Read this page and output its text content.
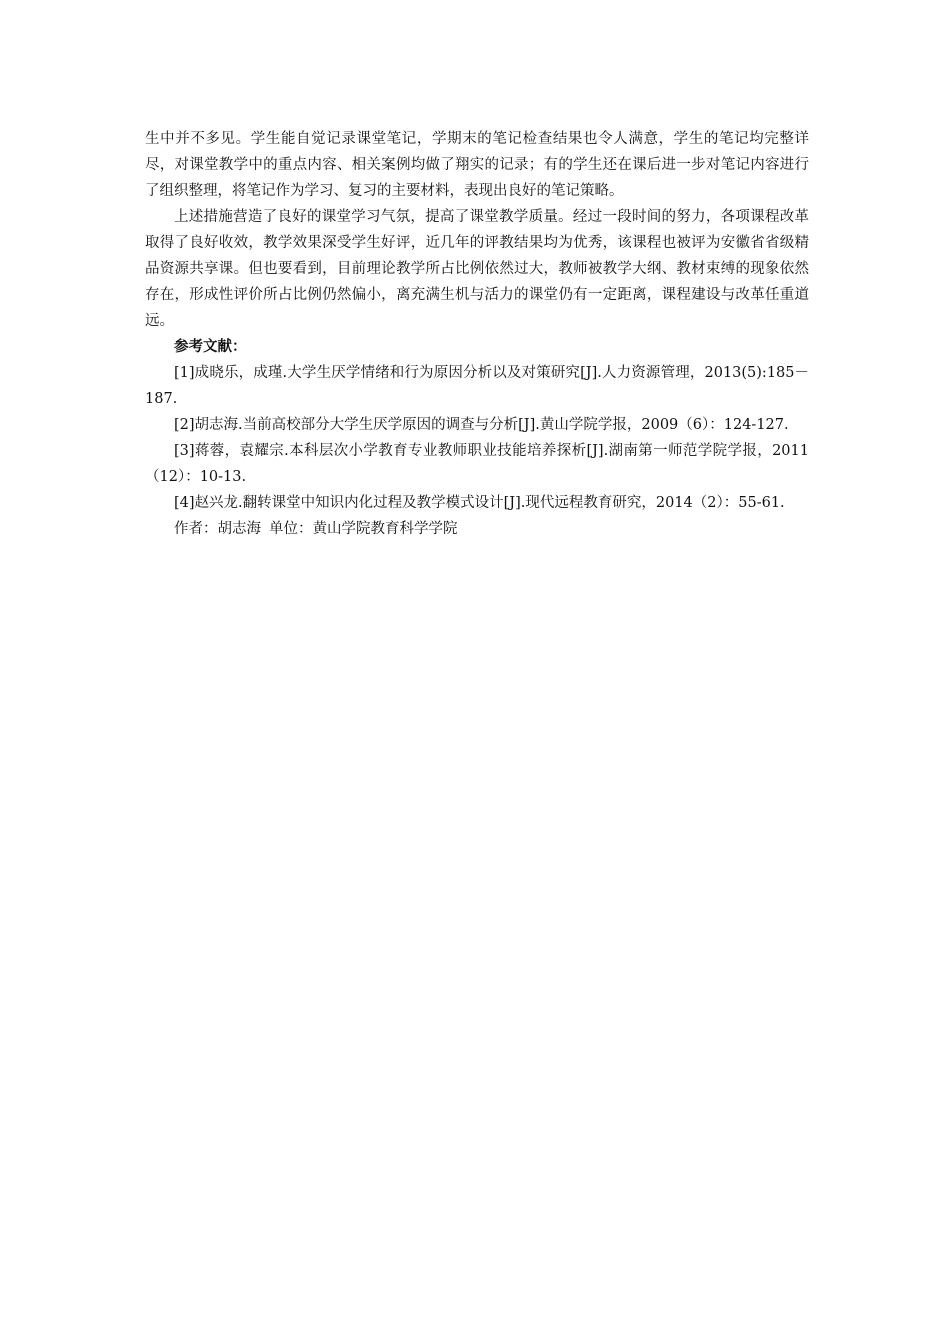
生中并不多见。学生能自觉记录课堂笔记，学期末的笔记检查结果也令人满意，学生的笔记均完整详尽，对课堂教学中的重点内容、相关案例均做了翔实的记录；有的学生还在课后进一步对笔记内容进行了组织整理，将笔记作为学习、复习的主要材料，表现出良好的笔记策略。

上述措施营造了良好的课堂学习气氛，提高了课堂教学质量。经过一段时间的努力，各项课程改革取得了良好收效，教学效果深受学生好评，近几年的评教结果均为优秀，该课程也被评为安徽省省级精品资源共享课。但也要看到，目前理论教学所占比例依然过大，教师被教学大纲、教材束缚的现象依然存在，形成性评价所占比例仍然偏小，离充满生机与活力的课堂仍有一定距离，课程建设与改革任重道远。

参考文献：

[1]成晓乐，成瑾.大学生厌学情绪和行为原因分析以及对策研究[J].人力资源管理，2013(5):185－187.

[2]胡志海.当前高校部分大学生厌学原因的调查与分析[J].黄山学院学报，2009（6）：124-127.

[3]蒋蓉，袁耀宗.本科层次小学教育专业教师职业技能培养探析[J].湖南第一师范学院学报，2011（12）：10-13.

[4]赵兴龙.翻转课堂中知识内化过程及教学模式设计[J].现代远程教育研究，2014（2）：55-61.

作者：胡志海 单位：黄山学院教育科学学院
